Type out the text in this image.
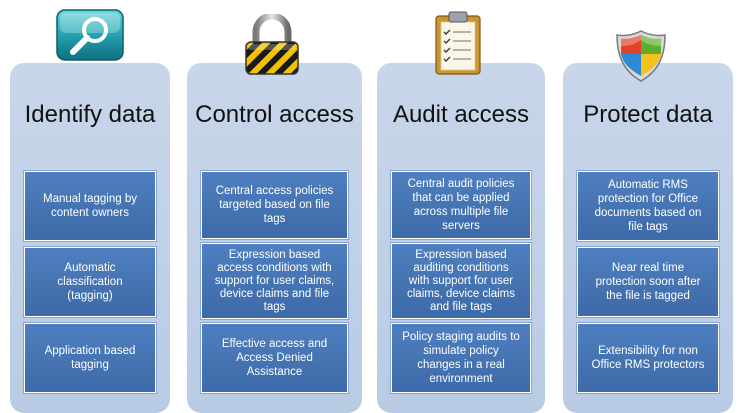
Identify data
Manual tagging by content owners
Automatic classification (tagging)
Application based tagging
Control access
Central access policies targeted based on file tags
Expression based access conditions with support for user claims, device claims and file tags
Effective access and Access Denied Assistance
Audit access
Central audit policies that can be applied across multiple file servers
Expression based auditing conditions with support for user claims, device claims and file tags
Policy staging audits to simulate policy changes in a real environment
Protect data
Automatic RMS protection for Office documents based on file tags
Near real time protection soon after the file is tagged
Extensibility for non Office RMS protectors
